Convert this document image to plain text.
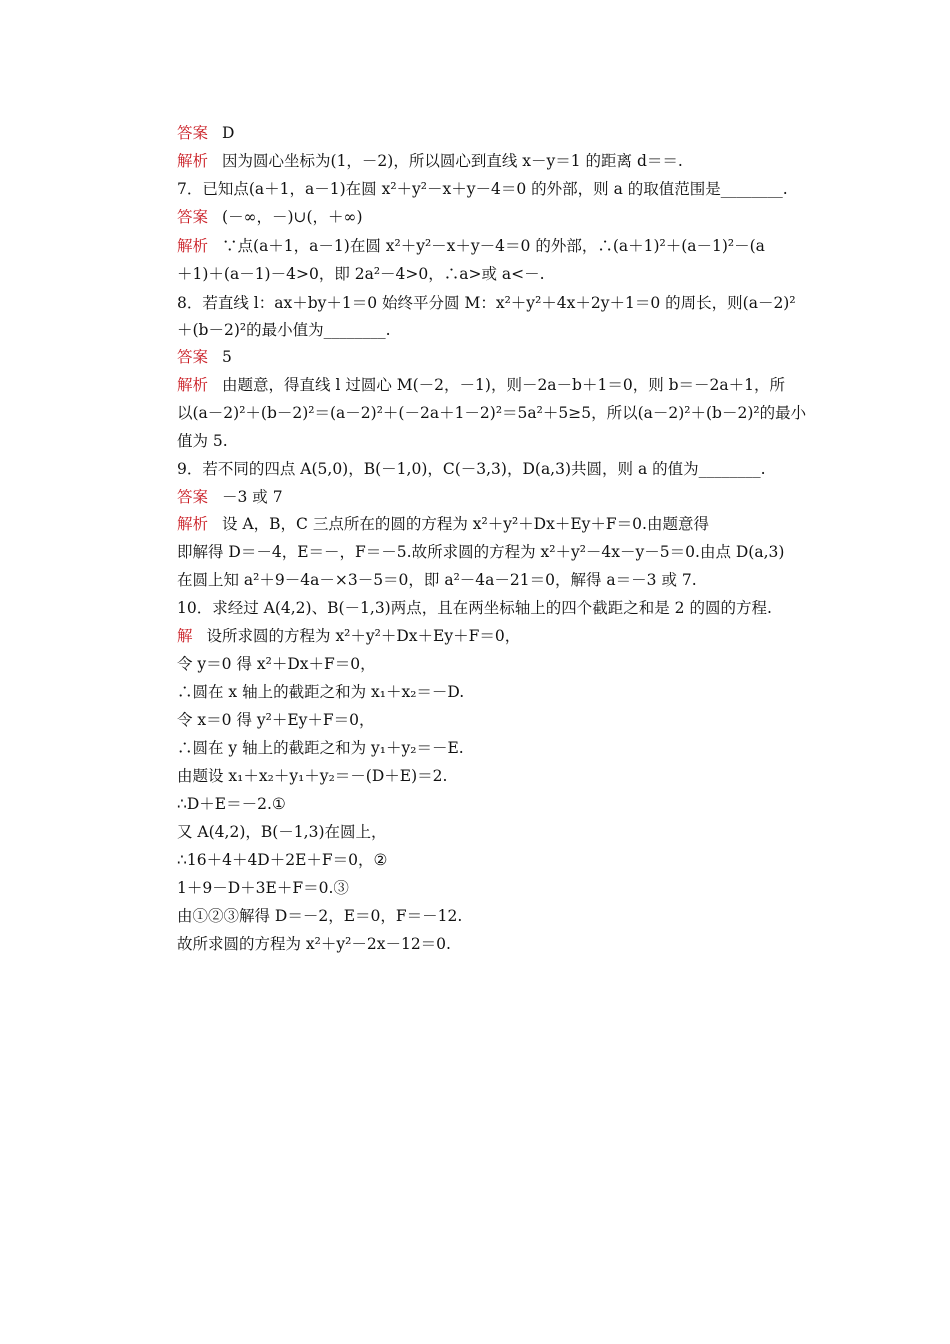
答案 D
解析 因为圆心坐标为(1，－2)，所以圆心到直线 x－y＝1 的距离 d＝＝.
7．已知点(a＋1，a－1)在圆 x²＋y²－x＋y－4＝0 的外部，则 a 的取值范围是________.
答案 (－∞，－)∪(，＋∞)
解析 ∵点(a＋1，a－1)在圆 x²＋y²－x＋y－4＝0 的外部，∴(a＋1)²＋(a－1)²－(a
＋1)＋(a－1)－4>0，即 2a²－4>0，∴a>或 a<－.
8．若直线 l：ax＋by＋1＝0 始终平分圆 M：x²＋y²＋4x＋2y＋1＝0 的周长，则(a－2)²
＋(b－2)²的最小值为________.
答案 5
解析 由题意，得直线 l 过圆心 M(－2，－1)，则－2a－b＋1＝0，则 b＝－2a＋1，所
以(a－2)²＋(b－2)²＝(a－2)²＋(－2a＋1－2)²＝5a²＋5≥5，所以(a－2)²＋(b－2)²的最小
值为 5.
9．若不同的四点 A(5,0)，B(－1,0)，C(－3,3)，D(a,3)共圆，则 a 的值为________.
答案 －3 或 7
解析 设 A，B，C 三点所在的圆的方程为 x²＋y²＋Dx＋Ey＋F＝0.由题意得
即解得 D＝－4，E＝－，F＝－5.故所求圆的方程为 x²＋y²－4x－y－5＝0.由点 D(a,3)
在圆上知 a²＋9－4a－×3－5＝0，即 a²－4a－21＝0，解得 a＝－3 或 7.
10．求经过 A(4,2)、B(－1,3)两点，且在两坐标轴上的四个截距之和是 2 的圆的方程.
解 设所求圆的方程为 x²＋y²＋Dx＋Ey＋F＝0，
令 y＝0 得 x²＋Dx＋F＝0，
∴圆在 x 轴上的截距之和为 x₁＋x₂＝－D.
令 x＝0 得 y²＋Ey＋F＝0，
∴圆在 y 轴上的截距之和为 y₁＋y₂＝－E.
由题设 x₁＋x₂＋y₁＋y₂＝－(D＋E)＝2.
∴D＋E＝－2.①
又 A(4,2)，B(－1,3)在圆上，
∴16＋4＋4D＋2E＋F＝0，②
1＋9－D＋3E＋F＝0.③
由①②③解得 D＝－2，E＝0，F＝－12.
故所求圆的方程为 x²＋y²－2x－12＝0.
